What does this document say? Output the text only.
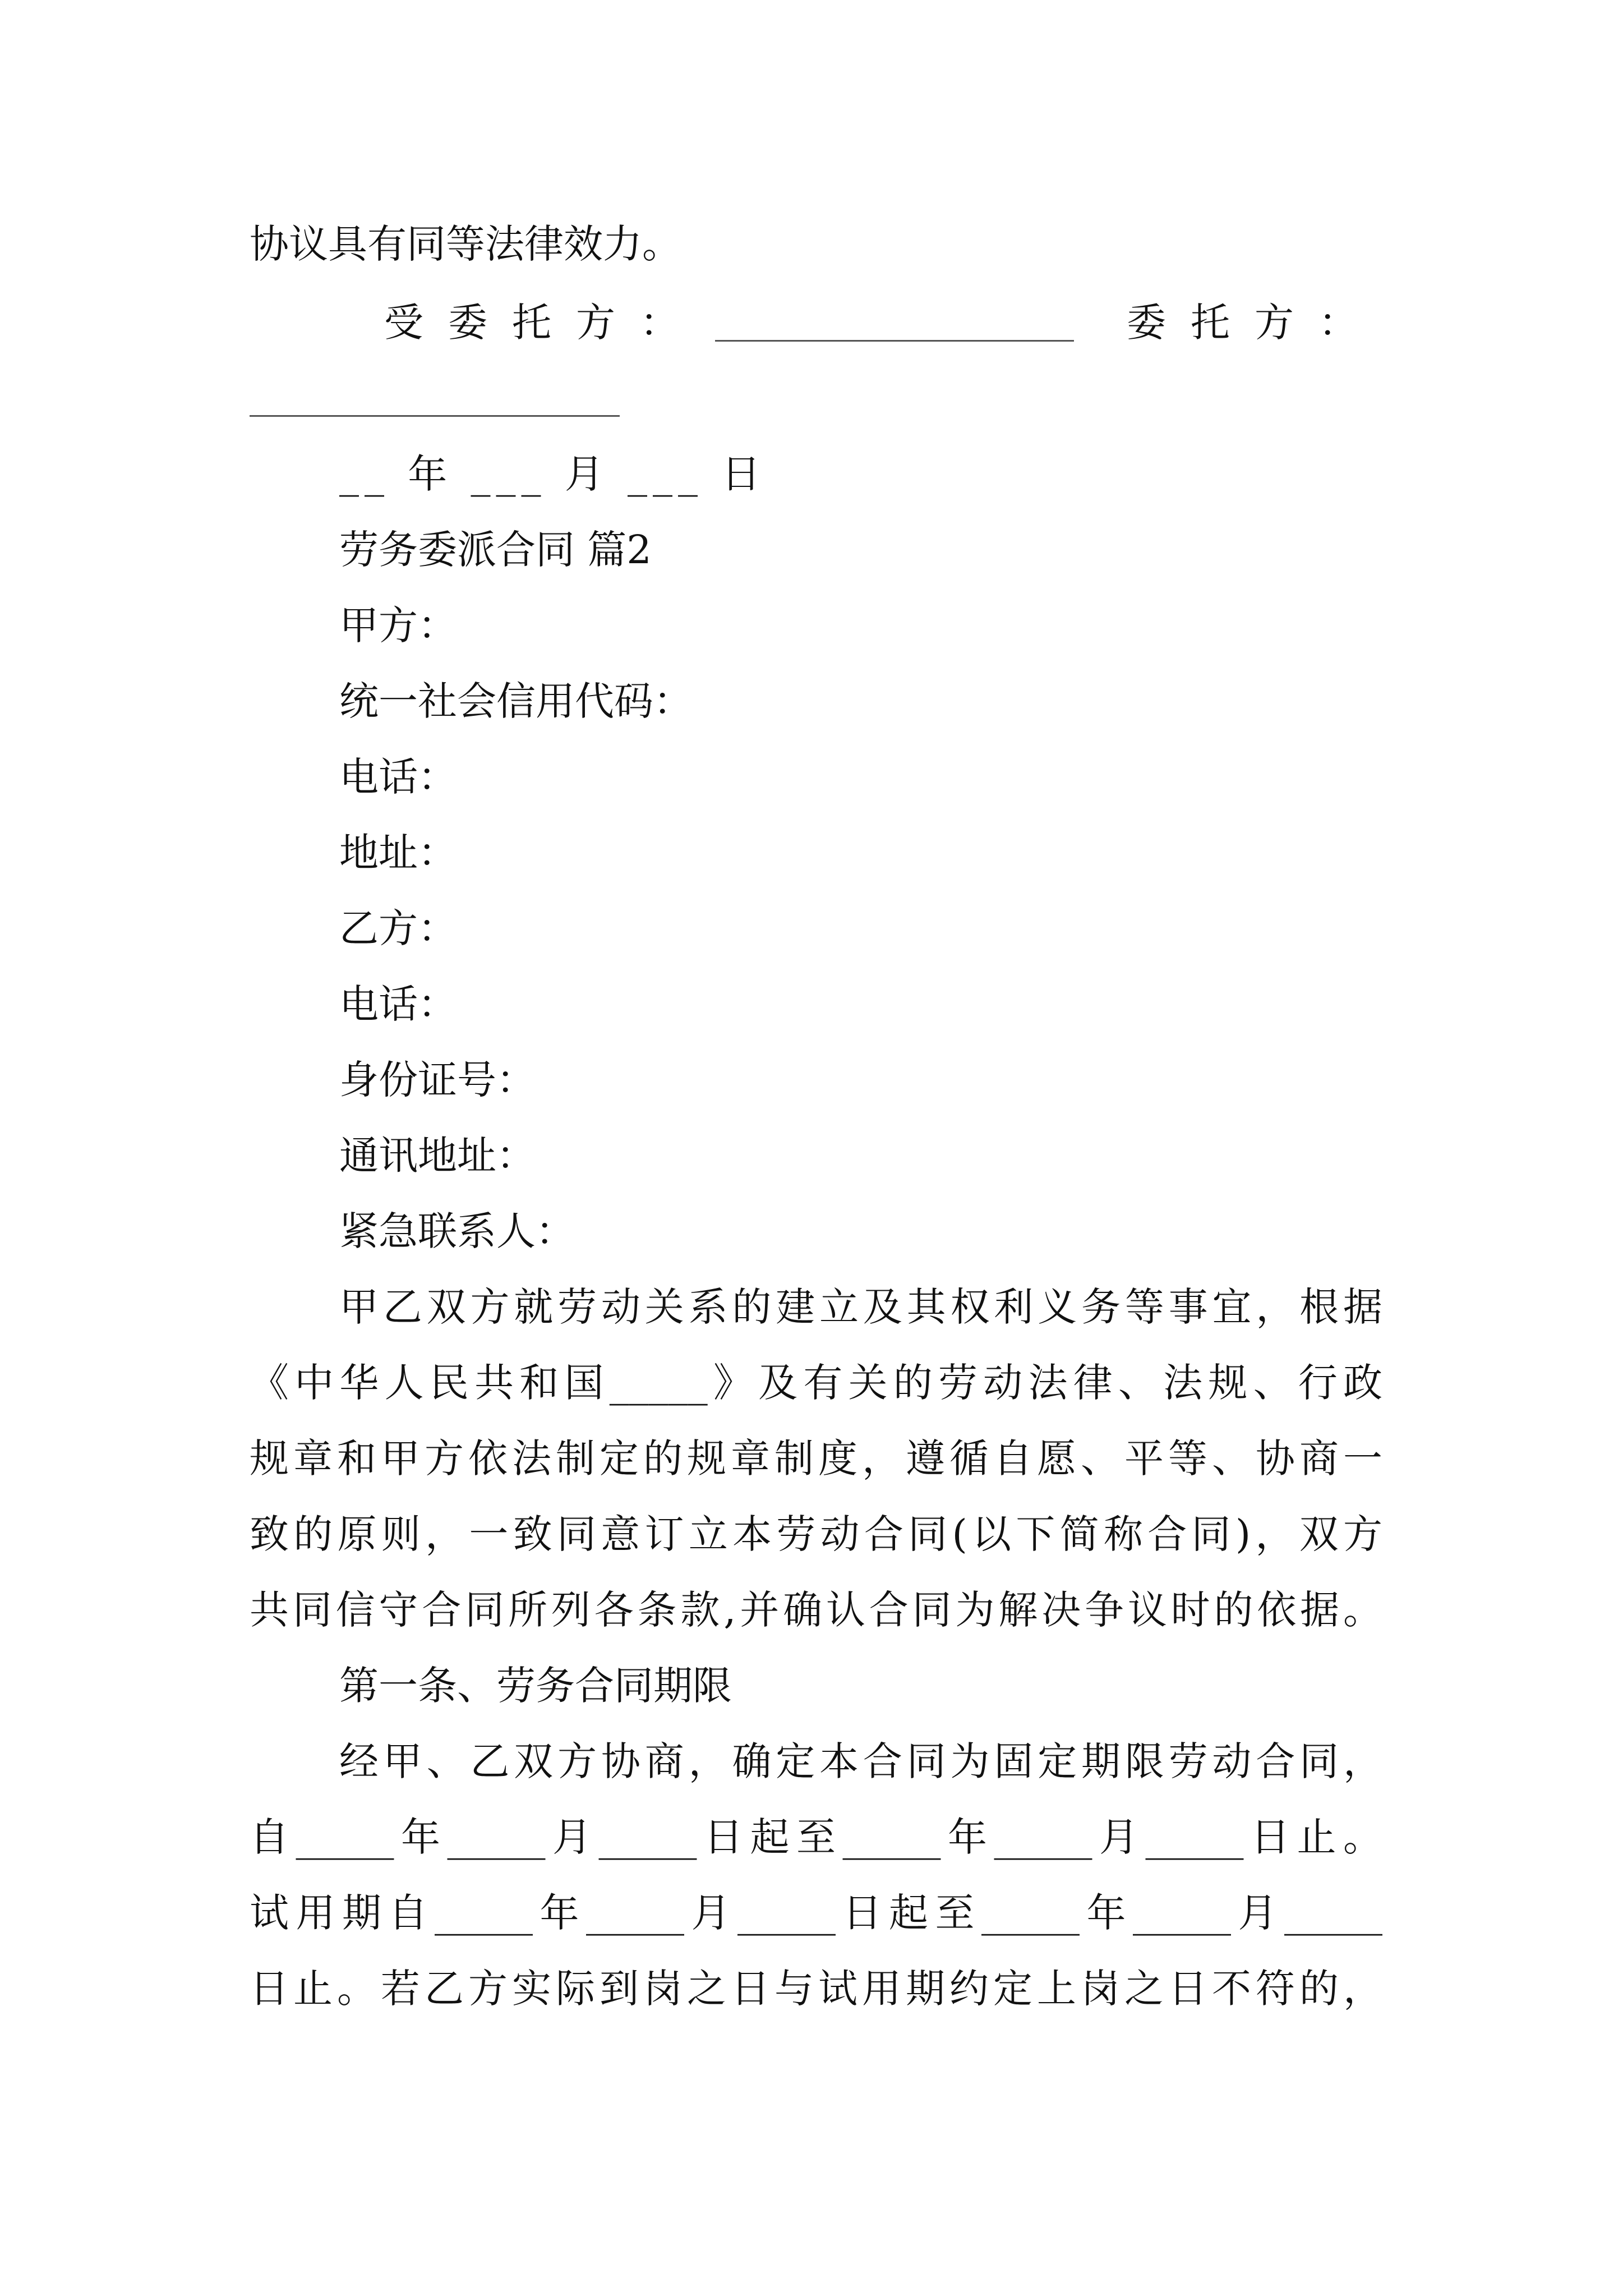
协议具有同等法律效力。
受委托方：	委托方：
__ 年 ___ 月 ___ 日
劳务委派合同 篇2
甲方：
统一社会信用代码：
电话：
地址：
乙方：
电话：
身份证号：
通讯地址：
紧急联系人：
甲乙双方就劳动关系的建立及其权利义务等事宜，根据
《中华人民共和国_____》及有关的劳动法律、法规、行政
规章和甲方依法制定的规章制度，遵循自愿、平等、协商一
致的原则，一致同意订立本劳动合同(以下简称合同)，双方
共同信守合同所列各条款,并确认合同为解决争议时的依据。
第一条、劳务合同期限
经甲、乙双方协商，确定本合同为固定期限劳动合同，
自_____年_____月_____日起至_____年_____月_____日止。
试用期自_____年_____月_____日起至_____年_____月_____
日止。若乙方实际到岗之日与试用期约定上岗之日不符的，
